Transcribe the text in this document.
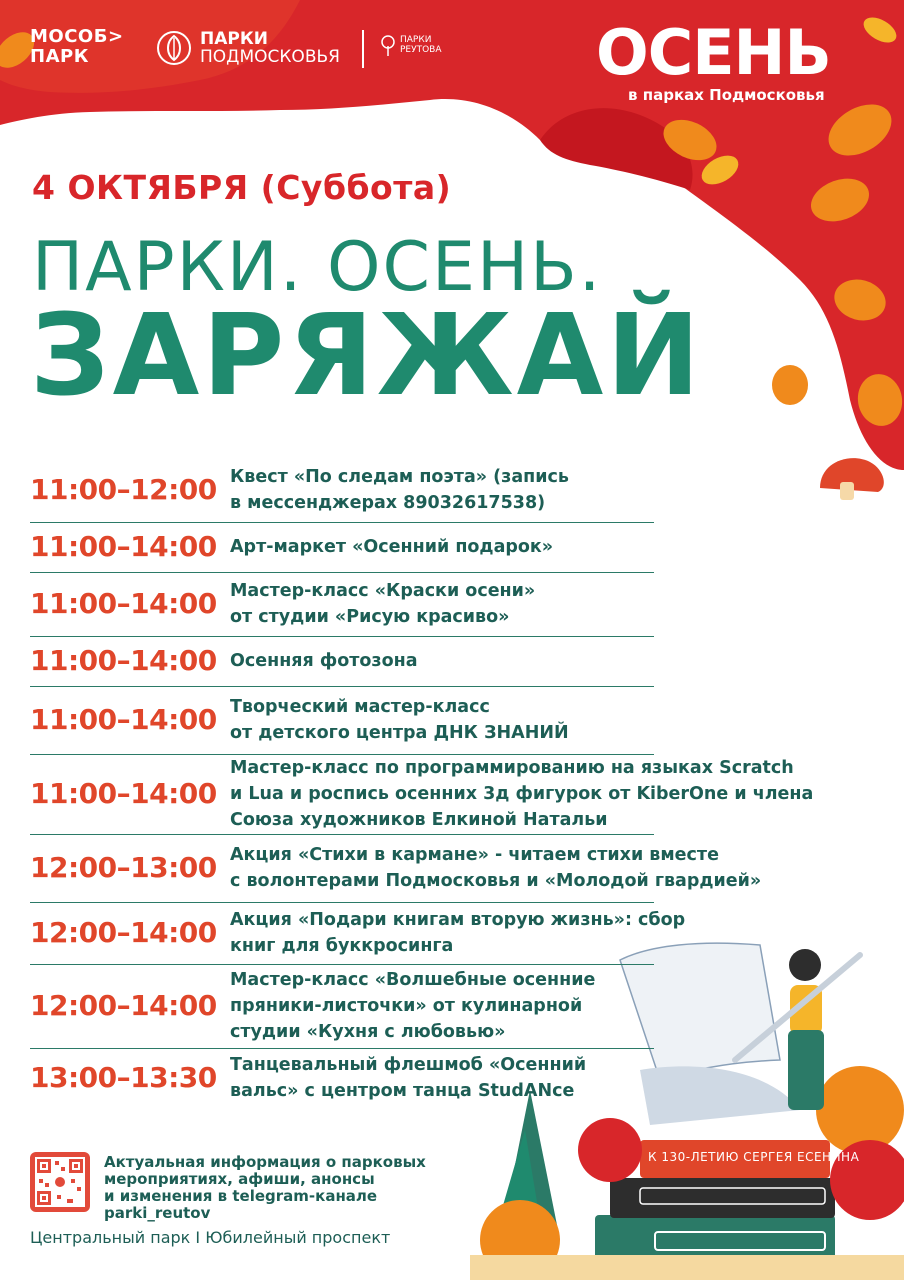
МОСОБ>
ПАРК
ПАРКИ
ПОДМОСКОВЬЯ
ПАРКИ
РЕУТОВА ОСЕНЬ
в парках Подмосковья
4 ОКТЯБРЯ (Суббота)
ПАРКИ. ОСЕНЬ.
ЗАРЯЖАЙ
11:00–12:00 Квест «По следам поэта» (запись
в мессенджерах 89032617538)
11:00–14:00 Арт-маркет «Осенний подарок»
11:00–14:00 Мастер-класс «Краски осени»
от студии «Рисую красиво»
11:00–14:00 Осенняя фотозона
11:00–14:00 Творческий мастер-класс
от детского центра ДНК ЗНАНИЙ
11:00–14:00
Мастер-класс по программированию на языках Scratch
и Lua и роспись осенних 3д фигурок от KiberOne и члена
Союза художников Елкиной Натальи
12:00–13:00 Акция «Стихи в кармане» - читаем стихи вместе
с волонтерами Подмосковья и «Молодой гвардией»
12:00–14:00 Акция «Подари книгам вторую жизнь»: сбор
книг для буккросинга
12:00–14:00
Мастер-класс «Волшебные осенние
пряники-листочки» от кулинарной
студии «Кухня с любовью»
13:00–13:30 Танцевальный флешмоб «Осенний
вальс» с центром танца StudANce
Актуальная информация о парковых
мероприятиях, афиши, анонсы
и изменения в telegram-канале parki_reutov
Центральный парк I Юбилейный проспект
К 130-ЛЕТИЮ СЕРГЕЯ ЕСЕНИНА
